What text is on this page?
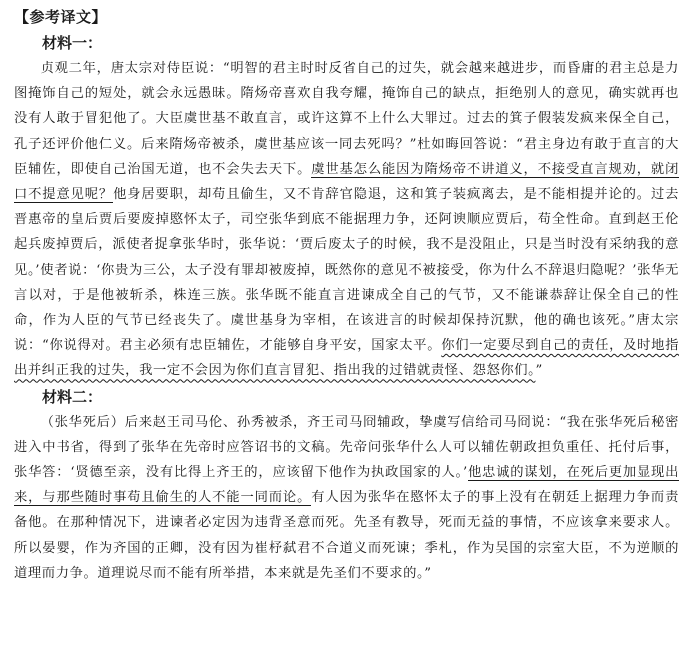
【参考译文】
材料一：

贞观二年，唐太宗对侍臣说：“明智的君主时时反省自己的过失，就会越来越进步，而昏庸的君主总是力图掩饰自己的短处，就会永远愚昧。隋炀帝喜欢自我夸耀，掩饰自己的缺点，拒绝别人的意见，确实就再也没有人敢于冒犯他了。大臣虞世基不敢直言，或许这算不上什么大罪过。过去的箕子假装发疯来保全自己，孔子还评价他仁义。后来隋炀帝被杀，虞世基应该一同去死吗？”杜如晦回答说：“君主身边有敢于直言的大臣辅佐，即使自己治国无道，也不会失去天下。虞世基怎么能因为隋炀帝不讲道义，不接受直言规劝，就闭口不提意见呢？他身居要职，却苟且偷生，又不肯辞官隐退，这和箕子装疯离去，是不能相提并论的。过去晋惠帝的皇后贾后要废掉愍怀太子，司空张华到底不能据理力争，还阿谀顺应贾后，苟全性命。直到赵王伦起兵废掉贾后，派使者捉拿张华时，张华说：‘贾后废太子的时候，我不是没阻止，只是当时没有采纳我的意见。’使者说：‘你贵为三公，太子没有罪却被废掉，既然你的意见不被接受，你为什么不辞退归隐呢？’张华无言以对，于是他被斩杀，株连三族。张华既不能直言进谏成全自己的气节，又不能谦恭辞让保全自己的性命，作为人臣的气节已经丧失了。虞世基身为宰相，在该进言的时候却保持沉默，他的确也该死。”唐太宗说：“你说得对。君主必须有忠臣辅佐，才能够自身平安，国家太平。你们一定要尽到自己的责任，及时地指出并纠正我的过失，我一定不会因为你们直言冒犯、指出我的过错就责怪、怨怒你们。”

材料二：

（张华死后）后来赵王司马伦、孙秀被杀，齐王司马冏辅政，挚虞写信给司马冏说：“我在张华死后秘密进入中书省，得到了张华在先帝时应答诏书的文稿。先帝问张华什么人可以辅佐朝政担负重任、托付后事，张华答：‘贤德至亲，没有比得上齐王的，应该留下他作为执政国家的人。’他忠诚的谋划，在死后更加显现出来，与那些随时事苟且偷生的人不能一同而论。有人因为张华在愍怀太子的事上没有在朝廷上据理力争而责备他。在那种情况下，进谏者必定因为违背圣意而死。先圣有教导，死而无益的事情，不应该拿来要求人。所以晏婴，作为齐国的正卿，没有因为崔杼弑君不合道义而死谏；季札，作为吴国的宗室大臣，不为逆顺的道理而力争。道理说尽而不能有所举措，本来就是先圣们不要求的。”
